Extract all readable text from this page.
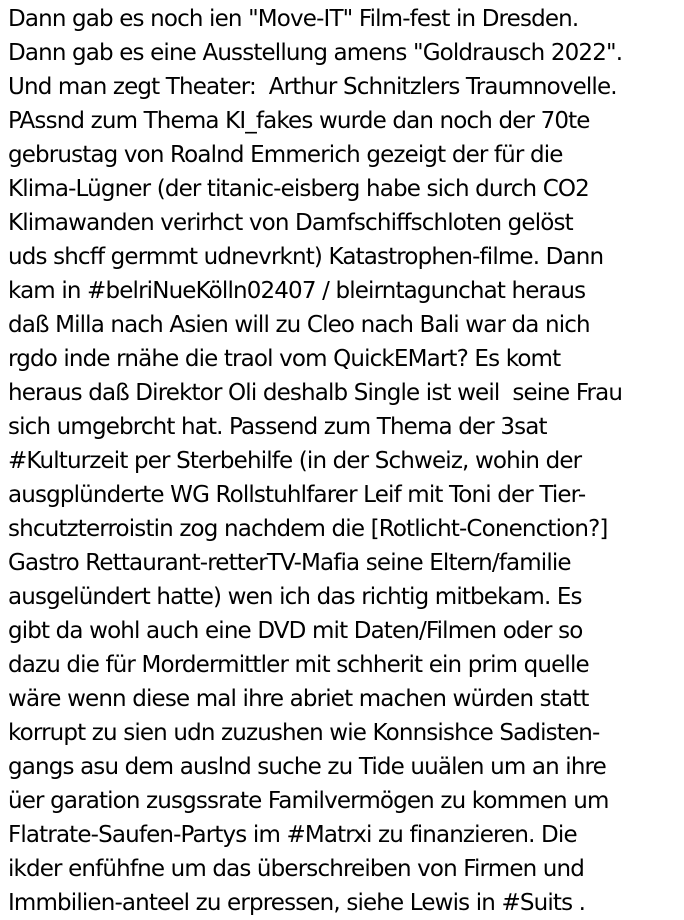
Dann gab es noch ien "Move-IT" Film-fest in Dresden.
Dann gab es eine Ausstellung amens "Goldrausch 2022".
Und man zegt Theater:  Arthur Schnitzlers Traumnovelle.
PAssnd zum Thema KI_fakes wurde dan noch der 70te
gebrustag von Roalnd Emmerich gezeigt der für die
Klima-Lügner (der titanic-eisberg habe sich durch CO2
Klimawanden verirhct von Damfschiffschloten gelöst
uds shcff germmt udnevrknt) Katastrophen-filme. Dann
kam in #belriNueKölln02407 / bleirntagunchat heraus
daß Milla nach Asien will zu Cleo nach Bali war da nich
rgdo inde rnähe die traol vom QuickEMart? Es komt
heraus daß Direktor Oli deshalb Single ist weil  seine Frau
sich umgebrcht hat. Passend zum Thema der 3sat
#Kulturzeit per Sterbehilfe (in der Schweiz, wohin der
ausgplünderte WG Rollstuhlfarer Leif mit Toni der Tier-
shcutzterroistin zog nachdem die [Rotlicht-Conenction?]
Gastro Rettaurant-retterTV-Mafia seine Eltern/familie
ausgelündert hatte) wen ich das richtig mitbekam. Es
gibt da wohl auch eine DVD mit Daten/Filmen oder so
dazu die für Mordermittler mit schherit ein prim quelle
wäre wenn diese mal ihre abriet machen würden statt
korrupt zu sien udn zuzushen wie Konnsishce Sadisten-
gangs asu dem auslnd suche zu Tide uuälen um an ihre
üer garation zusgssrate Familvermögen zu kommen um
Flatrate-Saufen-Partys im #Matrxi zu finanzieren. Die
ikder enfühfne um das überschreiben von Firmen und
Immbilien-anteel zu erpressen, siehe Lewis in #Suits .
